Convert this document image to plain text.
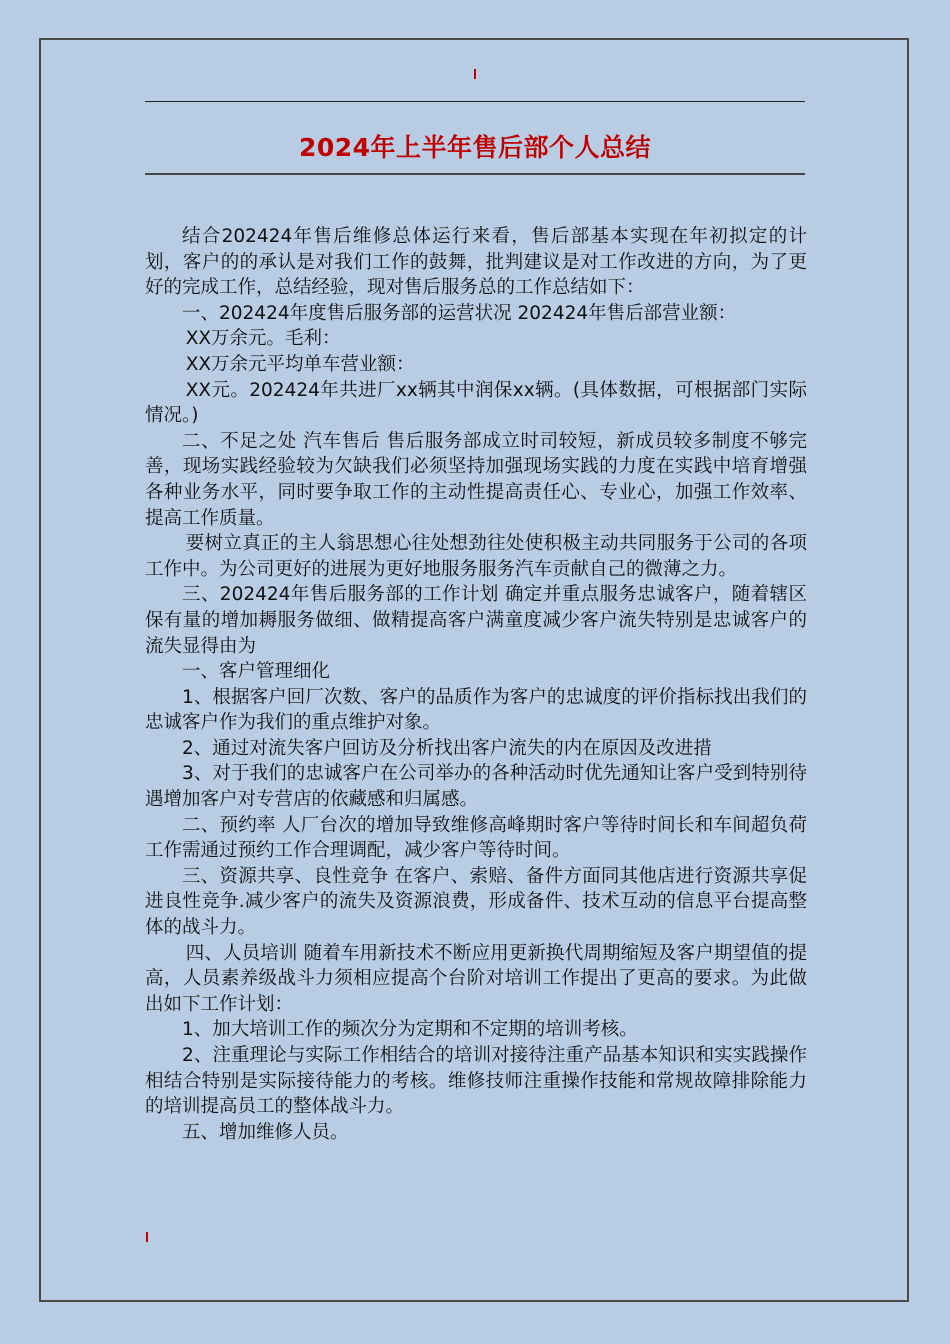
2024年上半年售后部个人总结

结合202424年售后维修总体运行来看，售后部基本实现在年初拟定的计划，客户的的承认是对我们工作的鼓舞，批判建议是对工作改进的方向，为了更好的完成工作，总结经验，现对售后服务总的工作总结如下：

一、202424年度售后服务部的运营状况 202424年售后部营业额：

XX万余元。毛利：

XX万余元平均单车营业额：

XX元。202424年共进厂xx辆其中润保xx辆。(具体数据，可根据部门实际情况。)

二、不足之处 汽车售后 售后服务部成立时司较短，新成员较多制度不够完善，现场实践经验较为欠缺我们必须坚持加强现场实践的力度在实践中培育增强各种业务水平，同时要争取工作的主动性提高责任心、专业心，加强工作效率、提高工作质量。

要树立真正的主人翁思想心往处想劲往处使积极主动共同服务于公司的各项工作中。为公司更好的进展为更好地服务服务汽车贡献自己的微薄之力。

三、202424年售后服务部的工作计划 确定并重点服务忠诚客户，随着辖区保有量的增加耨服务做细、做精提高客户满童度减少客户流失特别是忠诚客户的流失显得由为

一、客户管理细化

1、根据客户回厂次数、客户的品质作为客户的忠诚度的评价指标找出我们的忠诚客户作为我们的重点维护对象。

2、通过对流失客户回访及分析找出客户流失的内在原因及改进措

3、对于我们的忠诚客户在公司举办的各种活动时优先通知让客户受到特别待遇增加客户对专营店的依藏感和归属感。

二、预约率 人厂台次的增加导致维修高峰期时客户等待时间长和车间超负荷工作需通过预约工作合理调配，减少客户等待时间。

三、资源共享、良性竞争 在客户、索赔、备件方面同其他店进行资源共享促进良性竞争.减少客户的流失及资源浪费，形成备件、技术互动的信息平台提高整体的战斗力。

四、人员培训 随着车用新技术不断应用更新换代周期缩短及客户期望值的提高，人员素养级战斗力须相应提高个台阶对培训工作提出了更高的要求。为此做出如下工作计划：

1、加大培训工作的频次分为定期和不定期的培训考核。

2、注重理论与实际工作相结合的培训对接待注重产品基本知识和实实践操作相结合特别是实际接待能力的考核。维修技师注重操作技能和常规故障排除能力的培训提高员工的整体战斗力。

五、增加维修人员。
